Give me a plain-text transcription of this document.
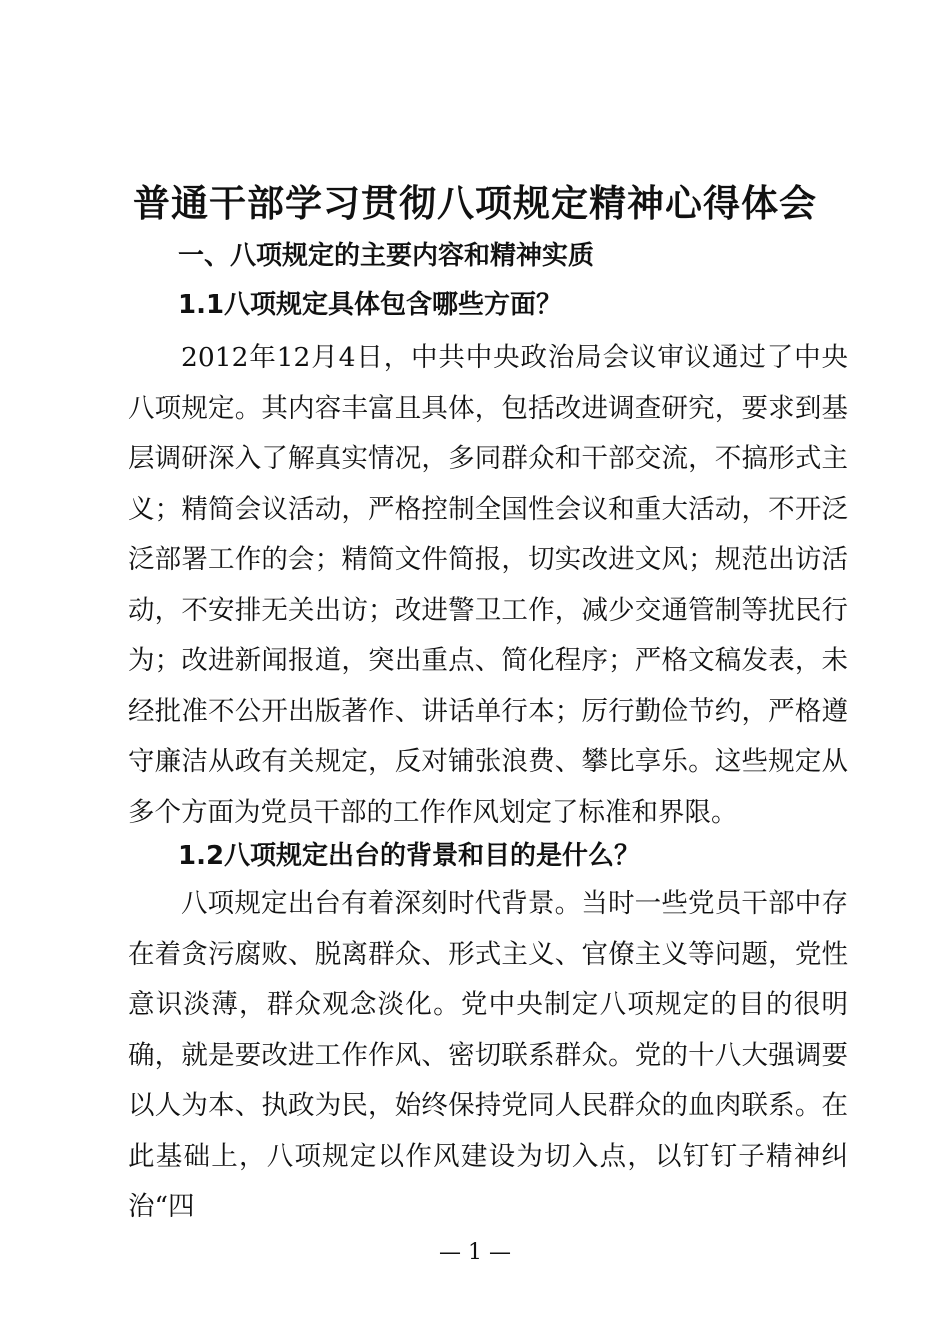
普通干部学习贯彻八项规定精神心得体会
一、八项规定的主要内容和精神实质
1.1八项规定具体包含哪些方面？
2012年12月4日，中共中央政治局会议审议通过了中央八项规定。其内容丰富且具体，包括改进调查研究，要求到基层调研深入了解真实情况，多同群众和干部交流，不搞形式主义；精简会议活动，严格控制全国性会议和重大活动，不开泛泛部署工作的会；精简文件简报，切实改进文风；规范出访活动，不安排无关出访；改进警卫工作，减少交通管制等扰民行为；改进新闻报道，突出重点、简化程序；严格文稿发表，未经批准不公开出版著作、讲话单行本；厉行勤俭节约，严格遵守廉洁从政有关规定，反对铺张浪费、攀比享乐。这些规定从多个方面为党员干部的工作作风划定了标准和界限。
1.2八项规定出台的背景和目的是什么？
八项规定出台有着深刻时代背景。当时一些党员干部中存在着贪污腐败、脱离群众、形式主义、官僚主义等问题，党性意识淡薄，群众观念淡化。党中央制定八项规定的目的很明确，就是要改进工作作风、密切联系群众。党的十八大强调要以人为本、执政为民，始终保持党同人民群众的血肉联系。在此基础上，八项规定以作风建设为切入点，以钉钉子精神纠治“四
— 1 —
